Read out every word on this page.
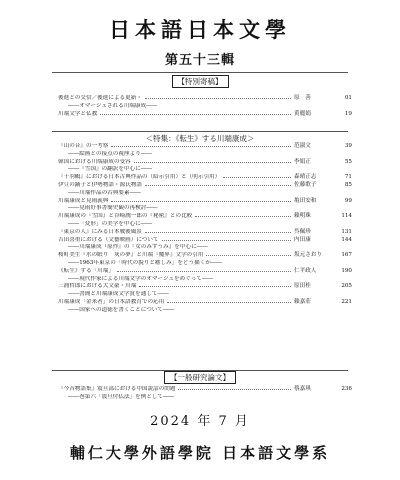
日本語日本文學
第五十三輯
【特別寄稿】
後進との交信／後進による更新・	原　善	01
――オマージュされる川端康成――
川端文学と仏教	黄麗娟	19
＜特集：《転生》する川端康成＞
『山の音』の一考察	范淑文	39
――絵画との接点の視座より――
韓国における川端康成の受容	李娟正	55
――『雪国』の翻訳を中心に――
『千羽鶴』における日本古典作品の（暗示引用）と（明示引用）	森晴正志	71
伊豆の踊子と伊勢物語・源氏物語	佐藤歌子	85
――川端作品の古典要素――
川端康成と見雨義典	亀田安和	99
――見雨好事書簡史観の再検討――
川端康成の『雪国』と谷崎潤一郎の『秘密』との比較	賴明珠	114
――「変形」の美学を中心に――
『東京の人』にみる日本戦後風景	呉佩珍	131
吉田喜重における（文藝映画）について	内田康	144
――川端康成『原作』の『女のみずうみ』を中心に――
桜町美生『水の眠り　灰の夢』と川端『魔界』文学の引用	坂元さおり	167
――1963年東京の「時代の貌りと癒しみ」をどう描くか――
《転生》する「川端」	仁平政人	190
――現代作家による川端文学のオマージュをめぐって――
三浦哲郎における大文豪・川端	原田桂	205
――書簡と川端康成文学賞を通して――
川端康成「金米者」の日本語教育での応用	賴嘉莊	221
――国家への道徳を書くことについて――
【一般研究論文】
『今昔物語集』震旦部における中国説話の問題	蔡嘉琪	236
――巻第六「震旦付仏法」を例として――
2024 年 7 月
輔仁大學外語學院 日本語文學系
